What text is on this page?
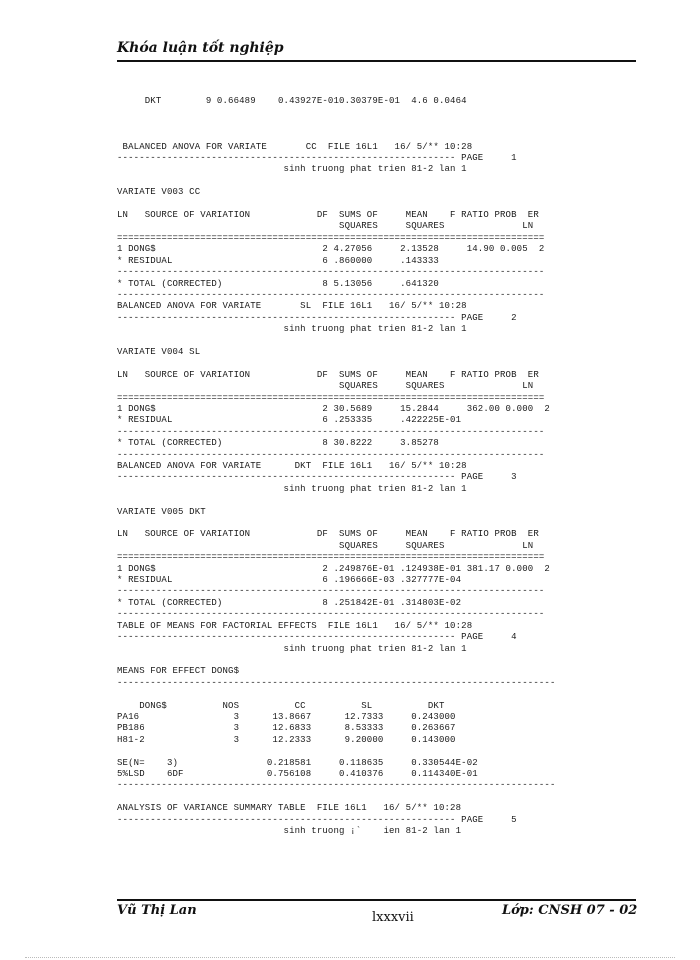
Khóa luận tốt nghiệp
DKT        9 0.66489    0.43927E-010.30379E-01  4.6 0.0464

BALANCED ANOVA FOR VARIATE       CC  FILE 16L1   16/ 5/** 10:28
------------------------------------------------------------- PAGE     1
sinh truong phat trien 81-2 lan 1

VARIATE V003 CC

LN   SOURCE OF VARIATION            DF  SUMS OF     MEAN    F RATIO PROB  ER
SQUARES     SQUARES              LN
=============================================================================
1 DONG$                              2 4.27056     2.13528     14.90 0.005  2
* RESIDUAL                           6 .860000     .143333
-----------------------------------------------------------------------------
* TOTAL (CORRECTED)                  8 5.13056     .641320
-----------------------------------------------------------------------------
BALANCED ANOVA FOR VARIATE       SL  FILE 16L1   16/ 5/** 10:28
------------------------------------------------------------- PAGE     2
sinh truong phat trien 81-2 lan 1

VARIATE V004 SL

LN   SOURCE OF VARIATION            DF  SUMS OF     MEAN    F RATIO PROB  ER
SQUARES     SQUARES              LN
=============================================================================
1 DONG$                              2 30.5689     15.2844     362.00 0.000  2
* RESIDUAL                           6 .253335     .422225E-01
-----------------------------------------------------------------------------
* TOTAL (CORRECTED)                  8 30.8222     3.85278
-----------------------------------------------------------------------------
BALANCED ANOVA FOR VARIATE      DKT  FILE 16L1   16/ 5/** 10:28
------------------------------------------------------------- PAGE     3
sinh truong phat trien 81-2 lan 1

VARIATE V005 DKT

LN   SOURCE OF VARIATION            DF  SUMS OF     MEAN    F RATIO PROB  ER
SQUARES     SQUARES              LN
=============================================================================
1 DONG$                              2 .249876E-01 .124938E-01 381.17 0.000  2
* RESIDUAL                           6 .196666E-03 .327777E-04
-----------------------------------------------------------------------------
* TOTAL (CORRECTED)                  8 .251842E-01 .314803E-02
-----------------------------------------------------------------------------
TABLE OF MEANS FOR FACTORIAL EFFECTS  FILE 16L1   16/ 5/** 10:28
------------------------------------------------------------- PAGE     4
sinh truong phat trien 81-2 lan 1

MEANS FOR EFFECT DONG$
-------------------------------------------------------------------------------

DONG$          NOS          CC          SL          DKT
PA16                 3      13.8667      12.7333     0.243000
PB186                3      12.6833      8.53333     0.263667
H81-2                3      12.2333      9.20000     0.143000

SE(N=    3)                0.218581     0.118635     0.330544E-02
5%LSD    6DF               0.756108     0.410376     0.114340E-01
-------------------------------------------------------------------------------

ANALYSIS OF VARIANCE SUMMARY TABLE  FILE 16L1   16/ 5/** 10:28
------------------------------------------------------------- PAGE     5
sinh truong ¡`    ien 81-2 lan 1

Vũ Thị Lan	lxxxvii	Lớp: CNSH 07 - 02
